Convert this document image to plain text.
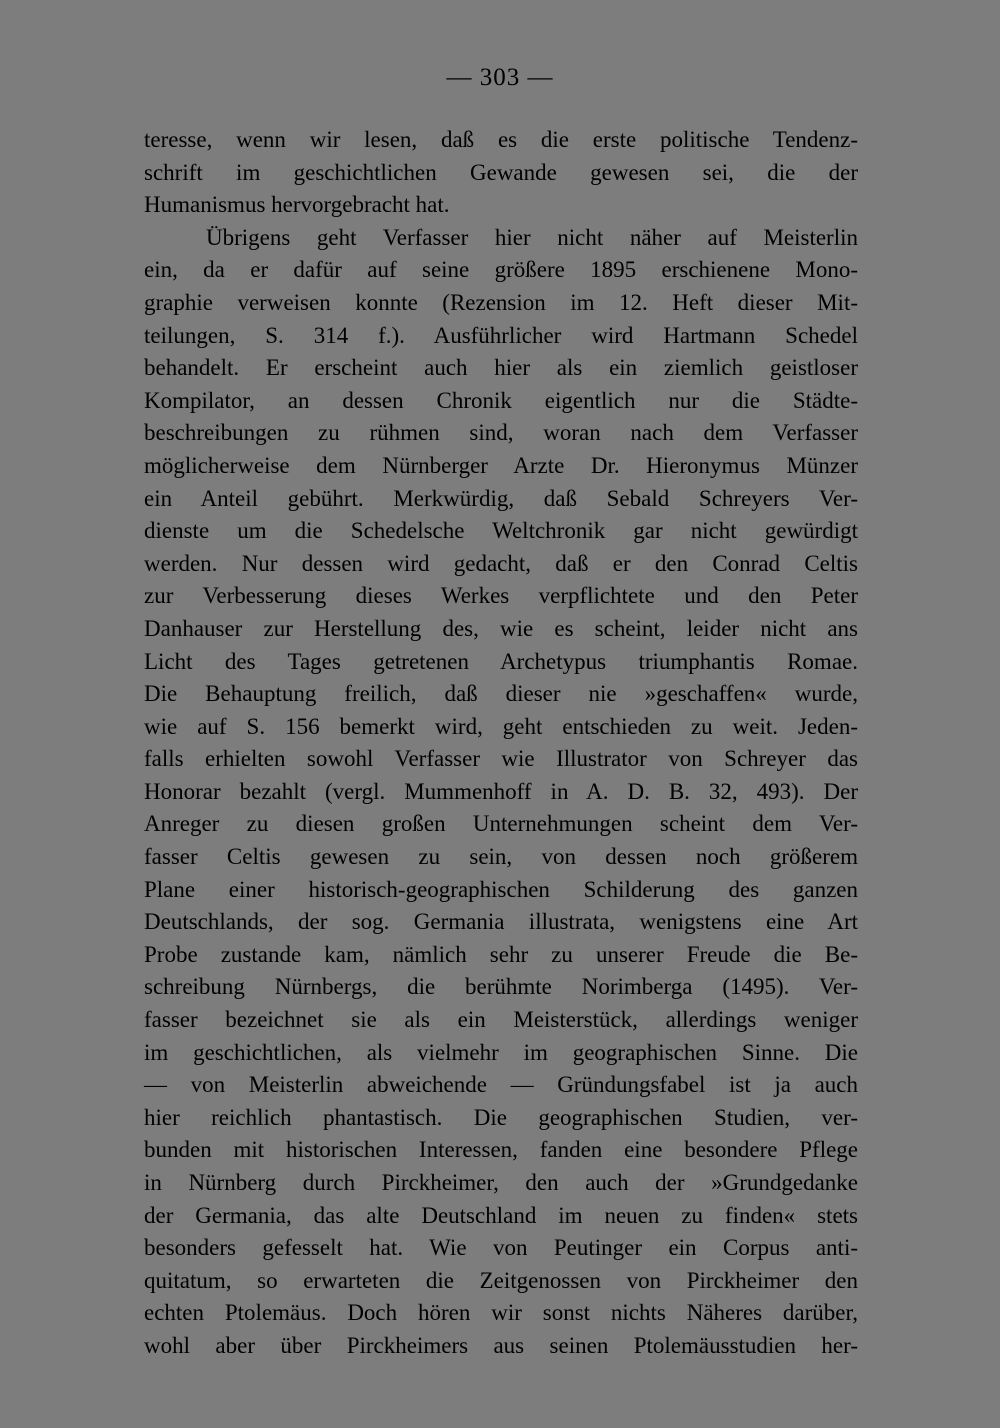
— 303 —
teresse, wenn wir lesen, daß es die erste politische Tendenz-
schrift im geschichtlichen Gewande gewesen sei, die der
Humanismus hervorgebracht hat.
Übrigens geht Verfasser hier nicht näher auf Meisterlin
ein, da er dafür auf seine größere 1895 erschienene Mono-
graphie verweisen konnte (Rezension im 12. Heft dieser Mit-
teilungen, S. 314 f.). Ausführlicher wird Hartmann Schedel
behandelt. Er erscheint auch hier als ein ziemlich geistloser
Kompilator, an dessen Chronik eigentlich nur die Städte-
beschreibungen zu rühmen sind, woran nach dem Verfasser
möglicherweise dem Nürnberger Arzte Dr. Hieronymus Münzer
ein Anteil gebührt. Merkwürdig, daß Sebald Schreyers Ver-
dienste um die Schedelsche Weltchronik gar nicht gewürdigt
werden. Nur dessen wird gedacht, daß er den Conrad Celtis
zur Verbesserung dieses Werkes verpflichtete und den Peter
Danhauser zur Herstellung des, wie es scheint, leider nicht ans
Licht des Tages getretenen Archetypus triumphantis Romae.
Die Behauptung freilich, daß dieser nie »geschaffen« wurde,
wie auf S. 156 bemerkt wird, geht entschieden zu weit. Jeden-
falls erhielten sowohl Verfasser wie Illustrator von Schreyer das
Honorar bezahlt (vergl. Mummenhoff in A. D. B. 32, 493). Der
Anreger zu diesen großen Unternehmungen scheint dem Ver-
fasser Celtis gewesen zu sein, von dessen noch größerem
Plane einer historisch-geographischen Schilderung des ganzen
Deutschlands, der sog. Germania illustrata, wenigstens eine Art
Probe zustande kam, nämlich sehr zu unserer Freude die Be-
schreibung Nürnbergs, die berühmte Norimberga (1495). Ver-
fasser bezeichnet sie als ein Meisterstück, allerdings weniger
im geschichtlichen, als vielmehr im geographischen Sinne. Die
— von Meisterlin abweichende — Gründungsfabel ist ja auch
hier reichlich phantastisch. Die geographischen Studien, ver-
bunden mit historischen Interessen, fanden eine besondere Pflege
in Nürnberg durch Pirckheimer, den auch der »Grundgedanke
der Germania, das alte Deutschland im neuen zu finden« stets
besonders gefesselt hat. Wie von Peutinger ein Corpus anti-
quitatum, so erwarteten die Zeitgenossen von Pirckheimer den
echten Ptolemäus. Doch hören wir sonst nichts Näheres darüber,
wohl aber über Pirckheimers aus seinen Ptolemäusstudien her-
